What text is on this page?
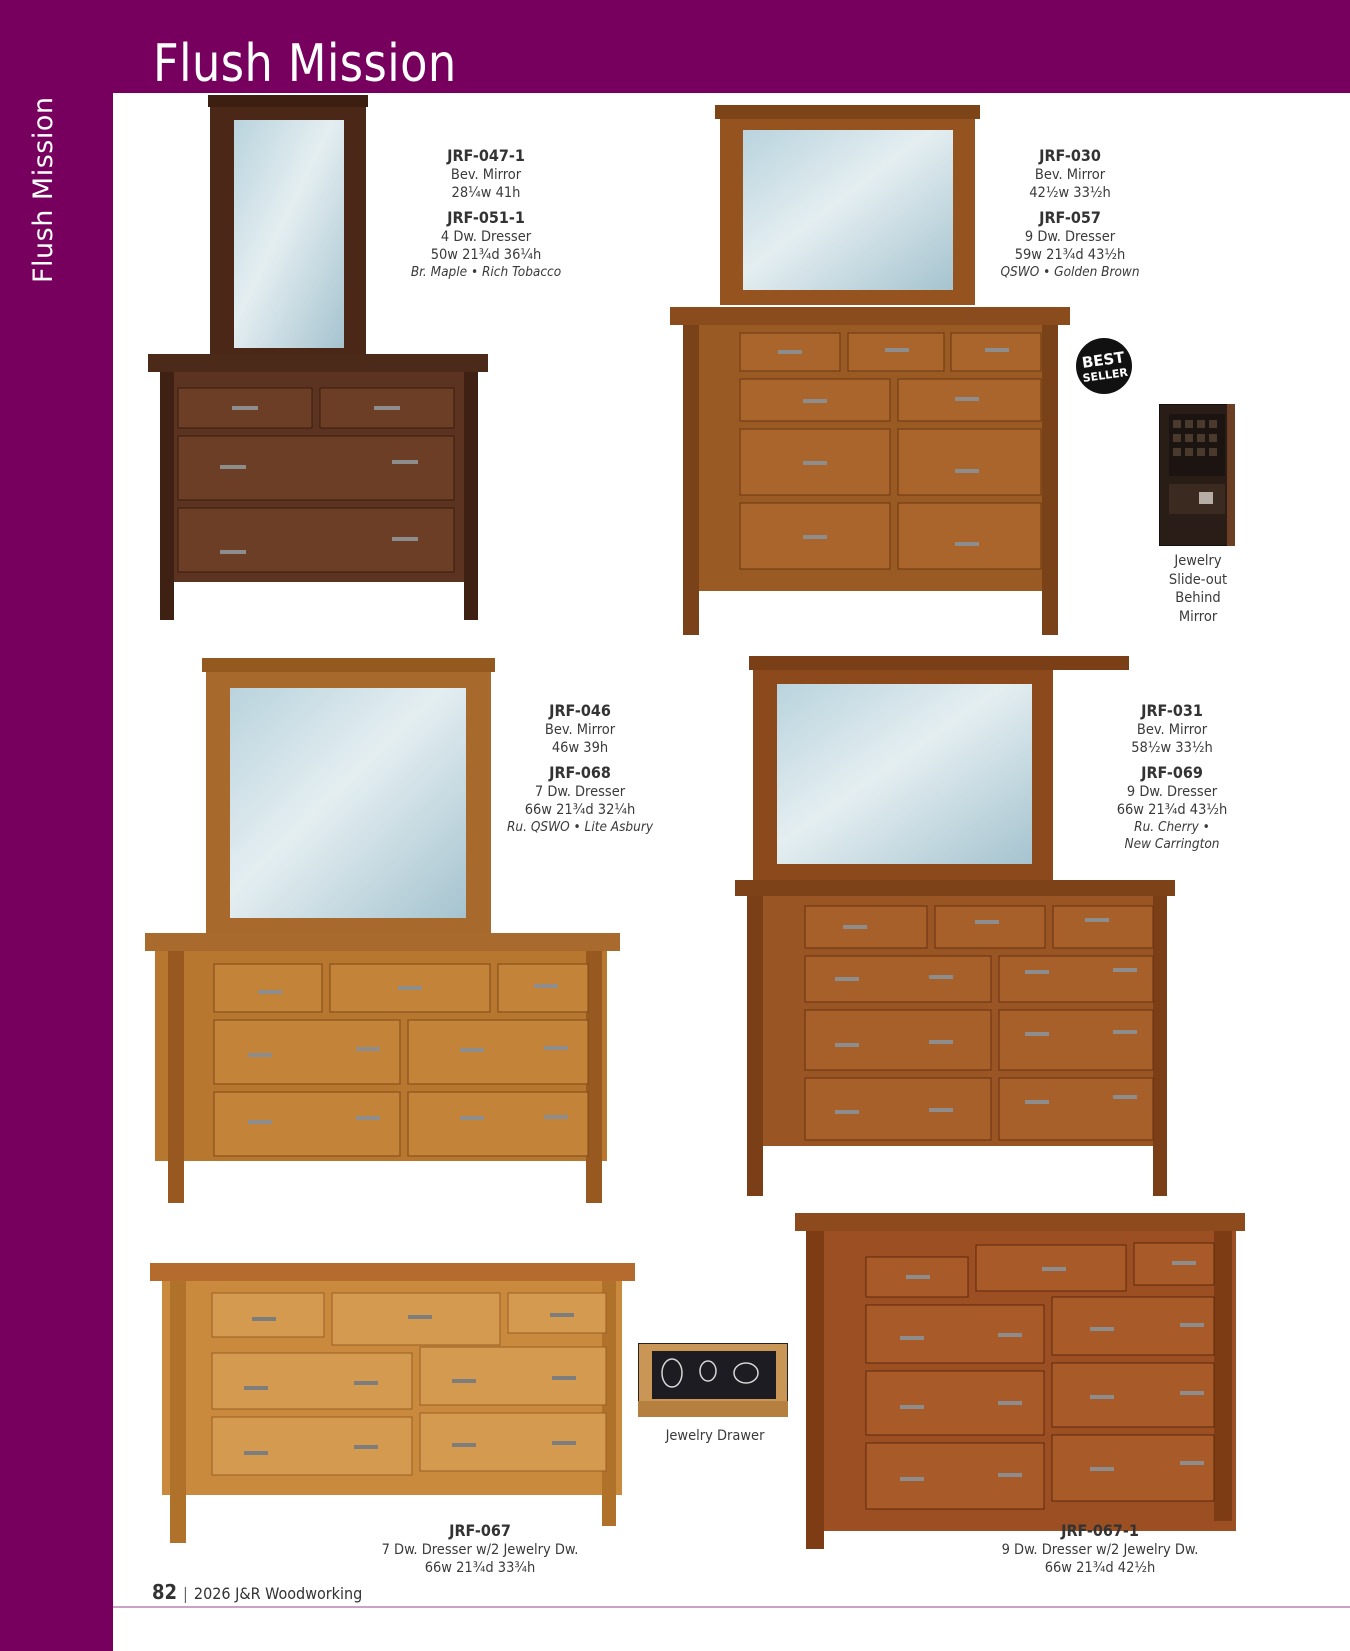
Flush Mission
Flush Mission
BEST
SELLER
Jewelry
Slide-out
Behind
Mirror
Jewelry Drawer
JRF-047-1
Bev. Mirror
28¼w 41h
JRF-051-1
4 Dw. Dresser
50w 21¾d 36¼h
Br. Maple • Rich Tobacco
JRF-030
Bev. Mirror
42½w 33½h
JRF-057
9 Dw. Dresser
59w 21¾d 43½h
QSWO • Golden Brown
JRF-046
Bev. Mirror
46w 39h
JRF-068
7 Dw. Dresser
66w 21¾d 32¼h
Ru. QSWO • Lite Asbury
JRF-031
Bev. Mirror
58½w 33½h
JRF-069
9 Dw. Dresser
66w 21¾d 43½h
Ru. Cherry •
New Carrington
JRF-067
7 Dw. Dresser w/2 Jewelry Dw.
66w 21¾d 33¾h
JRF-067-1
9 Dw. Dresser w/2 Jewelry Dw.
66w 21¾d 42½h
82 | 2026 J&R Woodworking
